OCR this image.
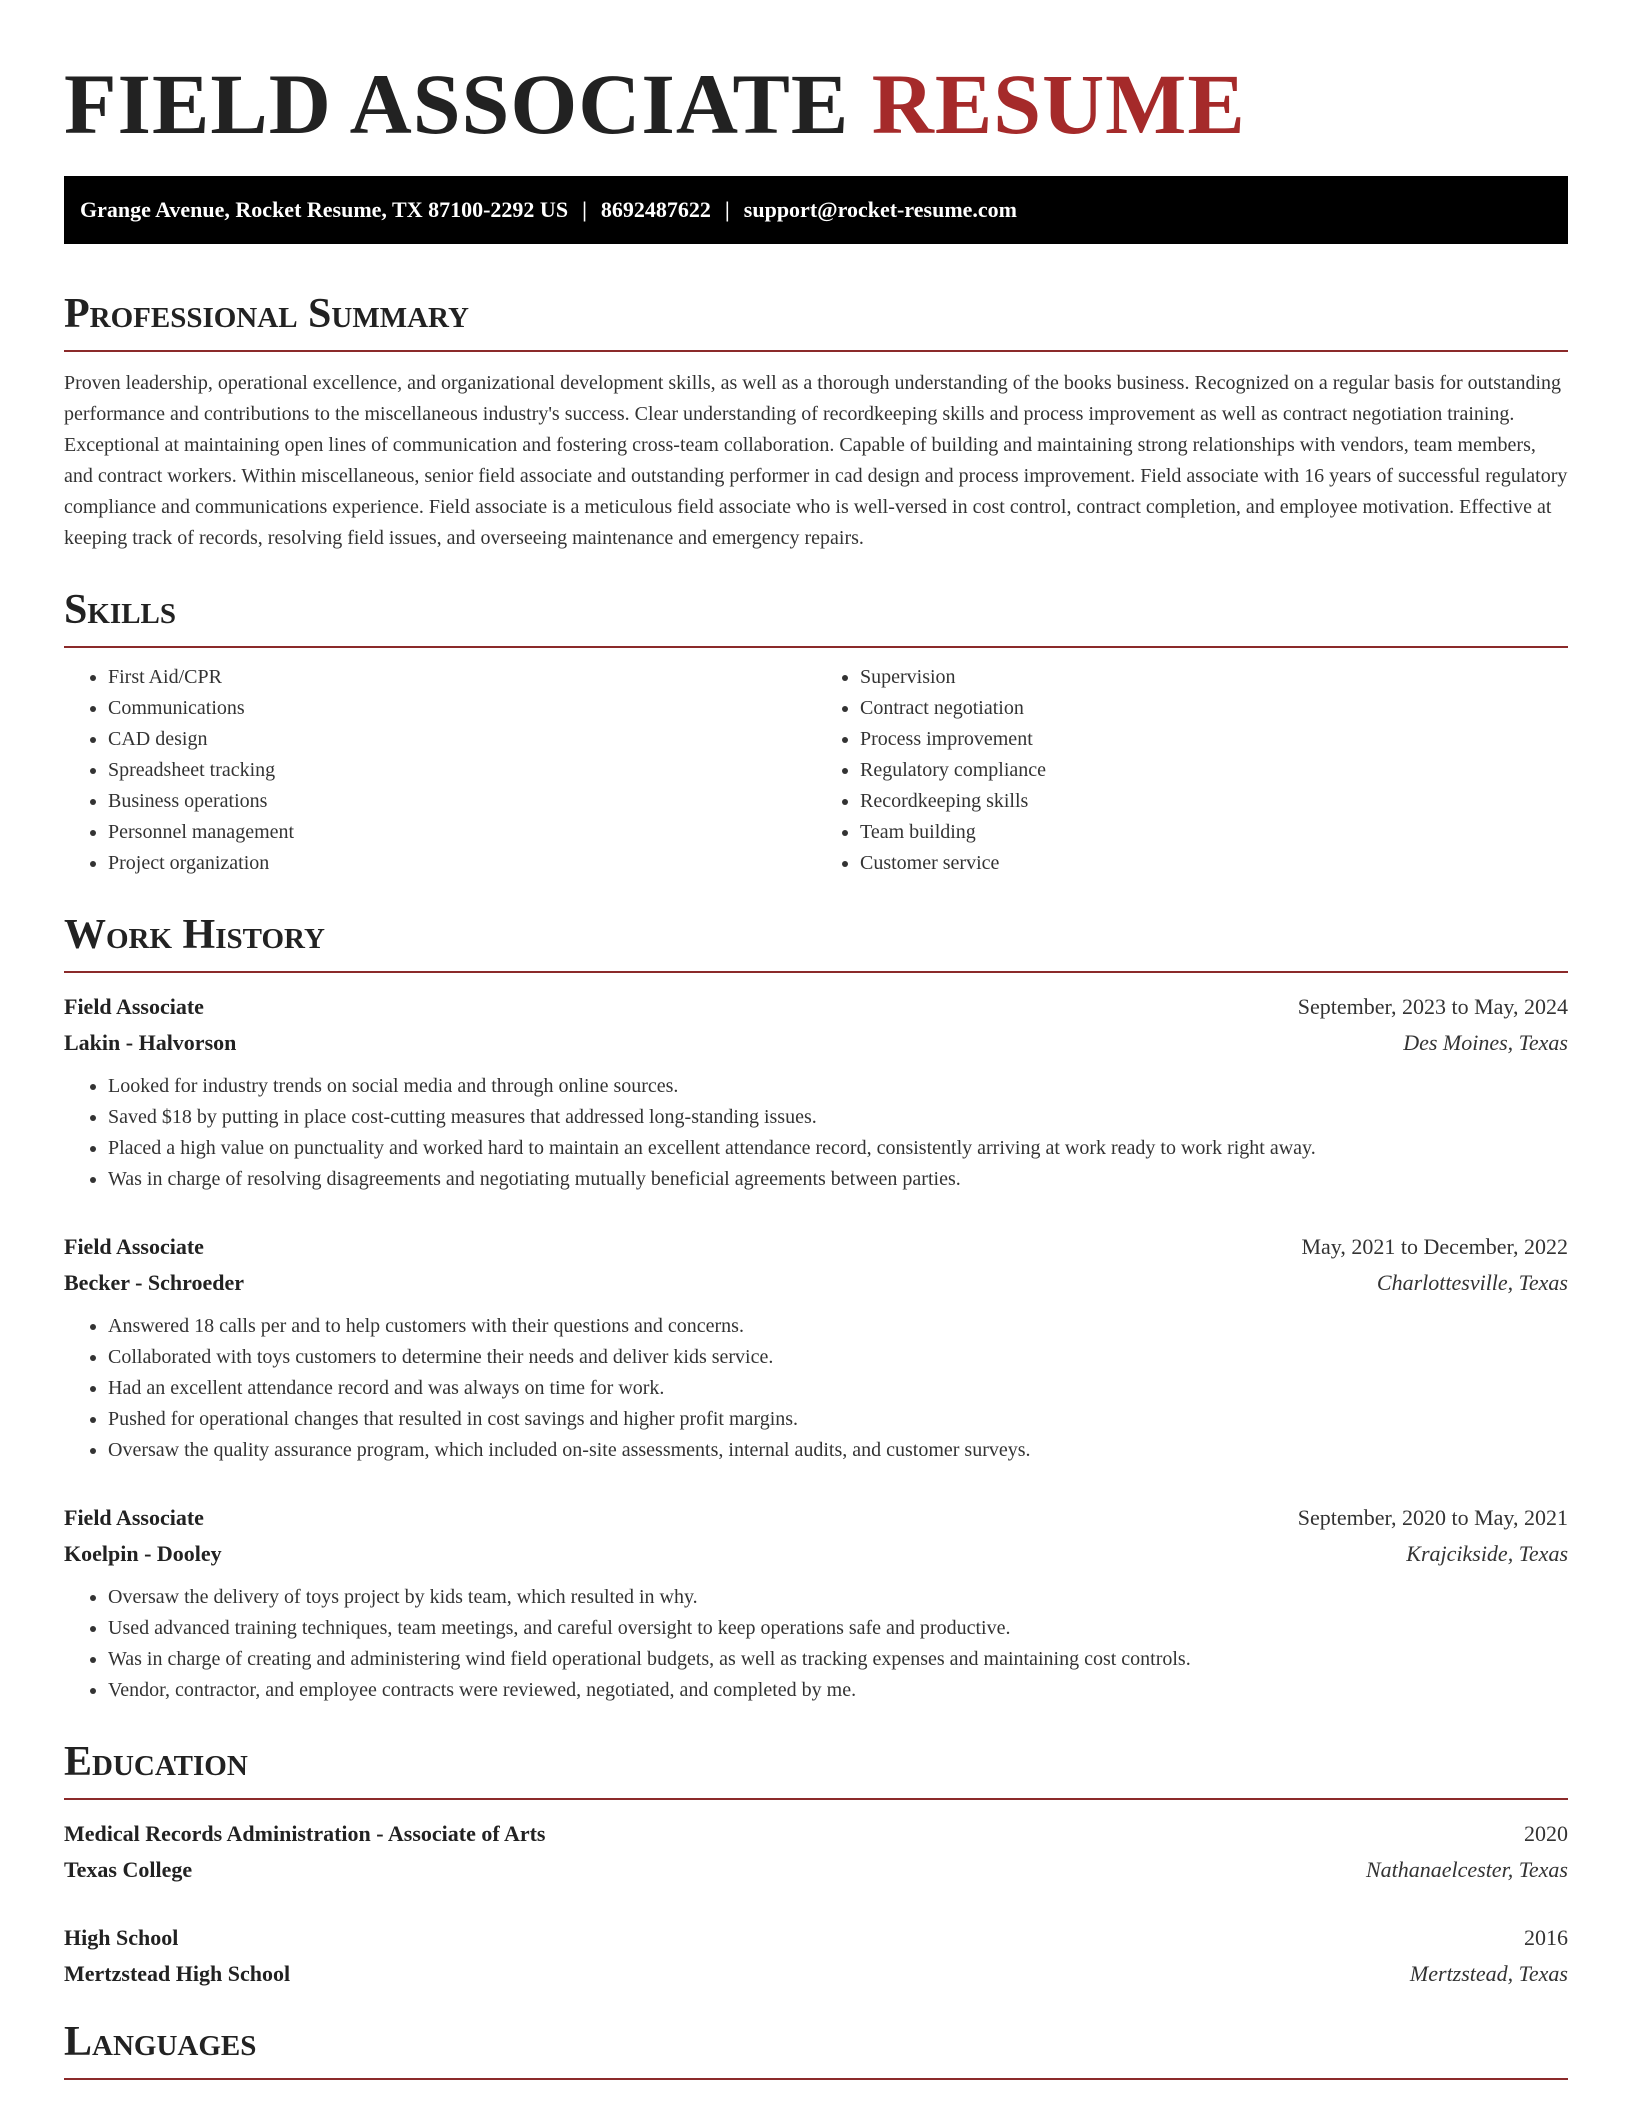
FIELD ASSOCIATE RESUME
Grange Avenue, Rocket Resume, TX 87100-2292 US | 8692487622 | support@rocket-resume.com
Professional Summary

Proven leadership, operational excellence, and organizational development skills, as well as a thorough understanding of the books business. Recognized on a regular basis for outstanding performance and contributions to the miscellaneous industry's success. Clear understanding of recordkeeping skills and process improvement as well as contract negotiation training. Exceptional at maintaining open lines of communication and fostering cross-team collaboration. Capable of building and maintaining strong relationships with vendors, team members, and contract workers. Within miscellaneous, senior field associate and outstanding performer in cad design and process improvement. Field associate with 16 years of successful regulatory compliance and communications experience. Field associate is a meticulous field associate who is well-versed in cost control, contract completion, and employee motivation. Effective at keeping track of records, resolving field issues, and overseeing maintenance and emergency repairs.

Skills
• First Aid/CPR
• Communications
• CAD design
• Spreadsheet tracking
• Business operations
• Personnel management
• Project organization
• Supervision
• Contract negotiation
• Process improvement
• Regulatory compliance
• Recordkeeping skills
• Team building
• Customer service
Work History
Field Associate	September, 2023 to May, 2024
Lakin - Halvorson	Des Moines, Texas
• Looked for industry trends on social media and through online sources.
• Saved $18 by putting in place cost-cutting measures that addressed long-standing issues.
• Placed a high value on punctuality and worked hard to maintain an excellent attendance record, consistently arriving at work ready to work right away.
• Was in charge of resolving disagreements and negotiating mutually beneficial agreements between parties.
Field Associate	May, 2021 to December, 2022
Becker - Schroeder	Charlottesville, Texas
• Answered 18 calls per and to help customers with their questions and concerns.
• Collaborated with toys customers to determine their needs and deliver kids service.
• Had an excellent attendance record and was always on time for work.
• Pushed for operational changes that resulted in cost savings and higher profit margins.
• Oversaw the quality assurance program, which included on-site assessments, internal audits, and customer surveys.
Field Associate	September, 2020 to May, 2021
Koelpin - Dooley	Krajcikside, Texas
• Oversaw the delivery of toys project by kids team, which resulted in why.
• Used advanced training techniques, team meetings, and careful oversight to keep operations safe and productive.
• Was in charge of creating and administering wind field operational budgets, as well as tracking expenses and maintaining cost controls.
• Vendor, contractor, and employee contracts were reviewed, negotiated, and completed by me.
Education
Medical Records Administration - Associate of Arts	2020
Texas College	Nathanaelcester, Texas
High School	2016
Mertzstead High School	Mertzstead, Texas
Languages
